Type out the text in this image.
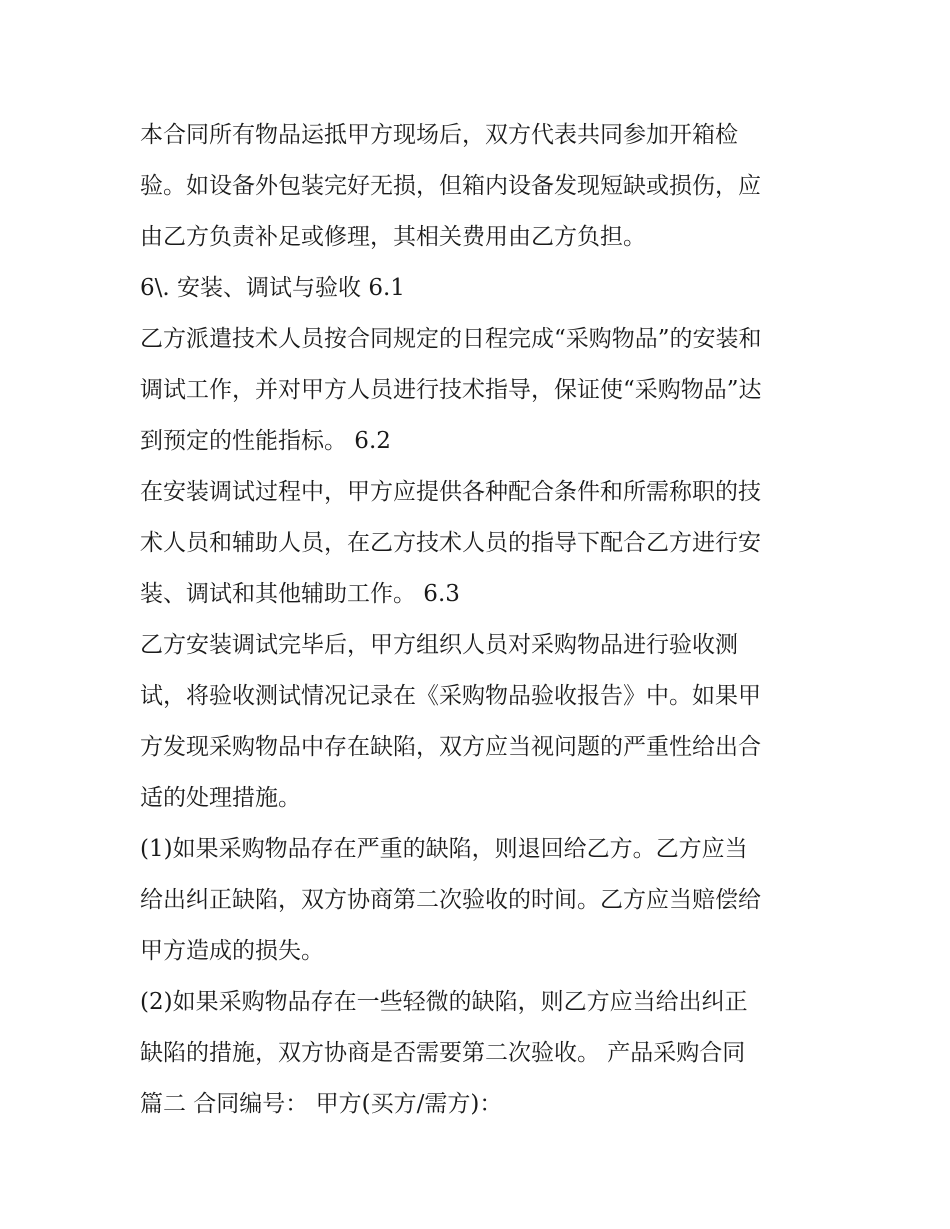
本合同所有物品运抵甲方现场后，双方代表共同参加开箱检
验。如设备外包装完好无损，但箱内设备发现短缺或损伤，应
由乙方负责补足或修理，其相关费用由乙方负担。
6\. 安装、调试与验收 6.1
乙方派遣技术人员按合同规定的日程完成“采购物品”的安装和
调试工作，并对甲方人员进行技术指导，保证使“采购物品”达
到预定的性能指标。 6.2
在安装调试过程中，甲方应提供各种配合条件和所需称职的技
术人员和辅助人员，在乙方技术人员的指导下配合乙方进行安
装、调试和其他辅助工作。 6.3
乙方安装调试完毕后，甲方组织人员对采购物品进行验收测
试，将验收测试情况记录在《采购物品验收报告》中。如果甲
方发现采购物品中存在缺陷，双方应当视问题的严重性给出合
适的处理措施。
(1)如果采购物品存在严重的缺陷，则退回给乙方。乙方应当
给出纠正缺陷，双方协商第二次验收的时间。乙方应当赔偿给
甲方造成的损失。
(2)如果采购物品存在一些轻微的缺陷，则乙方应当给出纠正
缺陷的措施，双方协商是否需要第二次验收。 产品采购合同
篇二 合同编号： 甲方(买方/需方)：
